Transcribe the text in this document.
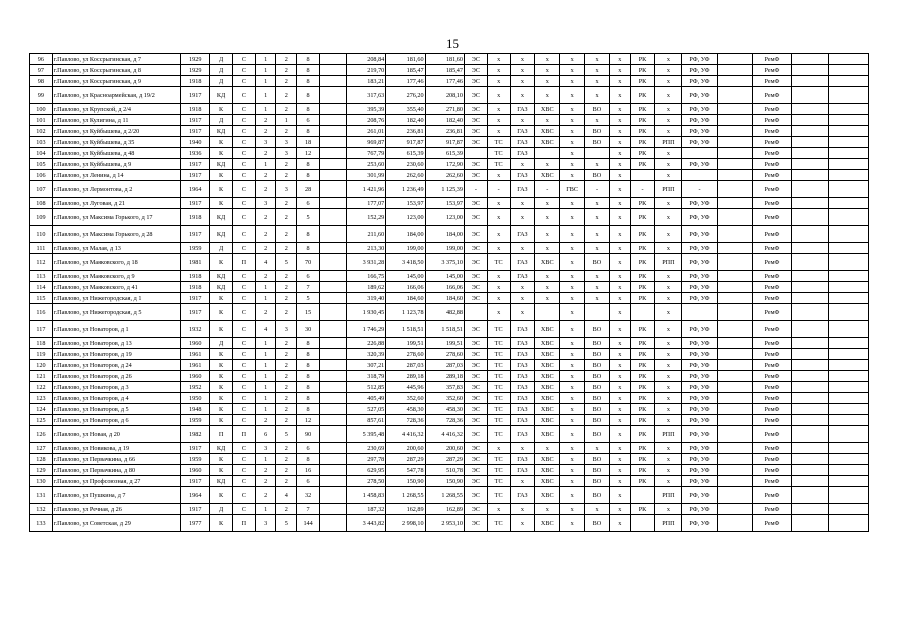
15
96	г.Павлово, ул Коссрыгинская, д 7	1929	Д	С	1	2	8		208,84	181,60	181,60	ЭС	х	х	х	х	х	х	РК	х	РФ, УФ		РемФ		
97	г.Павлово, ул Коссрыгинская, д 8	1929	Д	С	1	2	8		219,70	185,47	185,47	ЭС	х	х	х	х	х	х	РК	х	РФ, УФ		РемФ		
98	г.Павлово, ул Коссрыгинская, д 9	1918	Д	С	1	2	8		183,21	177,46	177,46	ЭС	х	х	х	х	х	х	РК	х	РФ, УФ		РемФ		
99	г.Павлово, ул Красноармейская, д 19/2	1917	КД	С	1	2	8		317,63	276,20	208,10	ЭС	х	х	х	х	х	х	РК	х	РФ, УФ		РемФ		
100	г.Павлово, ул Крупской, д 2/4	1918	К	С	1	2	8		395,39	355,40	271,80	ЭС	х	ГАЗ	ХВС	х	ВО	х	РК	х	РФ, УФ		РемФ		
101	г.Павлово, ул Кулигина, д 11	1917	Д	С	2	1	6		208,76	182,40	182,40	ЭС	х	х	х	х	х	х	РК	х	РФ, УФ		РемФ		
102	г.Павлово, ул Куйбышева, д 2/20	1917	КД	С	2	2	8		261,01	236,81	236,81	ЭС	х	ГАЗ	ХВС	х	ВО	х	РК	х	РФ, УФ		РемФ		
103	г.Павлово, ул Куйбышева, д 35	1940	К	С	3	3	18		969,87	917,87	917,87	ЭС	ТС	ГАЗ	ХВС	х	ВО	х	РК	РПП	РФ, УФ		РемФ		
104	г.Павлово, ул Куйбышева, д 48	1936	К	С	2	3	12		767,79	615,39	615,39		ТС	ГАЗ		х		х	РК	х			РемФ		
105	г.Павлово, ул Куйбышева, д 9	1917	КД	С	1	2	8		253,60	230,60	172,90	ЭС	ТС	х	х	х	х	х	РК	х	РФ, УФ		РемФ		
106	г.Павлово, ул Ленина, д 14	1917	К	С	2	2	8		301,99	262,60	262,60	ЭС	х	ГАЗ	ХВС	х	ВО	х		х			РемФ		
107	г.Павлово, ул Лермонтова, д 2	1964	К	С	2	3	28		1 421,96	1 236,49	1 125,39	-	-	ГАЗ	-	ГВС	-	х	-	РПП	-		РемФ		
108	г.Павлово, ул Луговая, д 21	1917	К	С	3	2	6		177,07	153,97	153,97	ЭС	х	х	х	х	х	х	РК	х	РФ, УФ		РемФ		
109	г.Павлово, ул Максима Горького, д 17	1918	КД	С	2	2	5		152,29	123,00	123,00	ЭС	х	х	х	х	х	х	РК	х	РФ, УФ		РемФ		
110	г.Павлово, ул Максима Горького, д 28	1917	КД	С	2	2	8		211,60	184,00	184,00	ЭС	х	ГАЗ	х	х	х	х	РК	х	РФ, УФ		РемФ		
111	г.Павлово, ул Малая, д 13	1959	Д	С	2	2	8		213,30	199,00	199,00	ЭС	х	х	х	х	х	х	РК	х	РФ, УФ		РемФ		
112	г.Павлово, ул Маяковского, д 18	1981	К	П	4	5	70		3 931,28	3 418,50	3 375,10	ЭС	ТС	ГАЗ	ХВС	х	ВО	х	РК	РПП	РФ, УФ		РемФ		
113	г.Павлово, ул Маяковского, д 9	1918	КД	С	2	2	6		166,75	145,00	145,00	ЭС	х	ГАЗ	х	х	х	х	РК	х	РФ, УФ		РемФ		
114	г.Павлово, ул Маяковского, д 41	1918	КД	С	1	2	7		189,62	166,06	166,06	ЭС	х	х	х	х	х	х	РК	х	РФ, УФ		РемФ		
115	г.Павлово, ул Нижегородская, д 1	1917	К	С	1	2	5		319,40	184,60	184,60	ЭС	х	х	х	х	х	х	РК	х	РФ, УФ		РемФ		
116	г.Павлово, ул Нижегородская, д 5	1917	К	С	2	2	15		1 930,45	1 123,78	482,88		х	х		х		х		х			РемФ		
117	г.Павлово, ул Новаторов, д 1	1932	К	С	4	3	30		1 746,29	1 518,51	1 518,51	ЭС	ТС	ГАЗ	ХВС	х	ВО	х	РК	х	РФ, УФ		РемФ		
118	г.Павлово, ул Новаторов, д 13	1960	Д	С	1	2	8		226,88	199,51	199,51	ЭС	ТС	ГАЗ	ХВС	х	ВО	х	РК	х	РФ, УФ		РемФ		
119	г.Павлово, ул Новаторов, д 19	1961	К	С	1	2	8		320,39	278,60	278,60	ЭС	ТС	ГАЗ	ХВС	х	ВО	х	РК	х	РФ, УФ		РемФ		
120	г.Павлово, ул Новаторов, д 24	1961	К	С	1	2	8		307,21	287,03	287,03	ЭС	ТС	ГАЗ	ХВС	х	ВО	х	РК	х	РФ, УФ		РемФ		
121	г.Павлово, ул Новаторов, д 26	1960	К	С	1	2	8		318,79	289,18	289,18	ЭС	ТС	ГАЗ	ХВС	х	ВО	х	РК	х	РФ, УФ		РемФ		
122	г.Павлово, ул Новаторов, д 3	1952	К	С	1	2	8		512,85	445,96	357,83	ЭС	ТС	ГАЗ	ХВС	х	ВО	х	РК	х	РФ, УФ		РемФ		
123	г.Павлово, ул Новаторов, д 4	1950	К	С	1	2	8		405,49	352,60	352,60	ЭС	ТС	ГАЗ	ХВС	х	ВО	х	РК	х	РФ, УФ		РемФ		
124	г.Павлово, ул Новаторов, д 5	1948	К	С	1	2	8		527,05	458,30	458,30	ЭС	ТС	ГАЗ	ХВС	х	ВО	х	РК	х	РФ, УФ		РемФ		
125	г.Павлово, ул Новаторов, д 6	1959	К	С	2	2	12		857,61	728,36	728,36	ЭС	ТС	ГАЗ	ХВС	х	ВО	х	РК	х	РФ, УФ		РемФ		
126	г.Павлово, ул Новая, д 20	1982	П	П	6	5	90		5 395,48	4 416,32	4 416,32	ЭС	ТС	ГАЗ	ХВС	х	ВО	х	РК	РПП	РФ, УФ		РемФ		
127	г.Павлово, ул Новикова, д 19	1917	КД	С	3	2	6		230,69	200,60	200,60	ЭС	х	х	х	х	х	х	РК	х	РФ, УФ		РемФ		
128	г.Павлово, ул Первачкина, д 66	1959	К	С	1	2	8		297,78	287,29	287,29	ЭС	ТС	ГАЗ	ХВС	х	ВО	х	РК	х	РФ, УФ		РемФ		
129	г.Павлово, ул Первачкина, д 80	1960	К	С	2	2	16		629,95	547,78	510,78	ЭС	ТС	ГАЗ	ХВС	х	ВО	х	РК	х	РФ, УФ		РемФ		
130	г.Павлово, ул Профсоюзная, д 27	1917	КД	С	2	2	6		278,50	150,90	150,90	ЭС	ТС	х	ХВС	х	ВО	х	РК	х	РФ, УФ		РемФ		
131	г.Павлово, ул Пушкина, д 7	1964	К	С	2	4	32		1 458,83	1 268,55	1 268,55	ЭС	ТС	ГАЗ	ХВС	х	ВО	х		РПП	РФ, УФ		РемФ		
132	г.Павлово, ул Речная, д 26	1917	Д	С	1	2	7		187,32	162,89	162,89	ЭС	х	х	х	х	х	х	РК	х	РФ, УФ		РемФ		
133	г.Павлово, ул Советская, д 29	1977	К	П	3	5	144		3 443,82	2 998,10	2 953,10	ЭС	ТС	х	ХВС	х	ВО	х		РПП	РФ, УФ		РемФ		
